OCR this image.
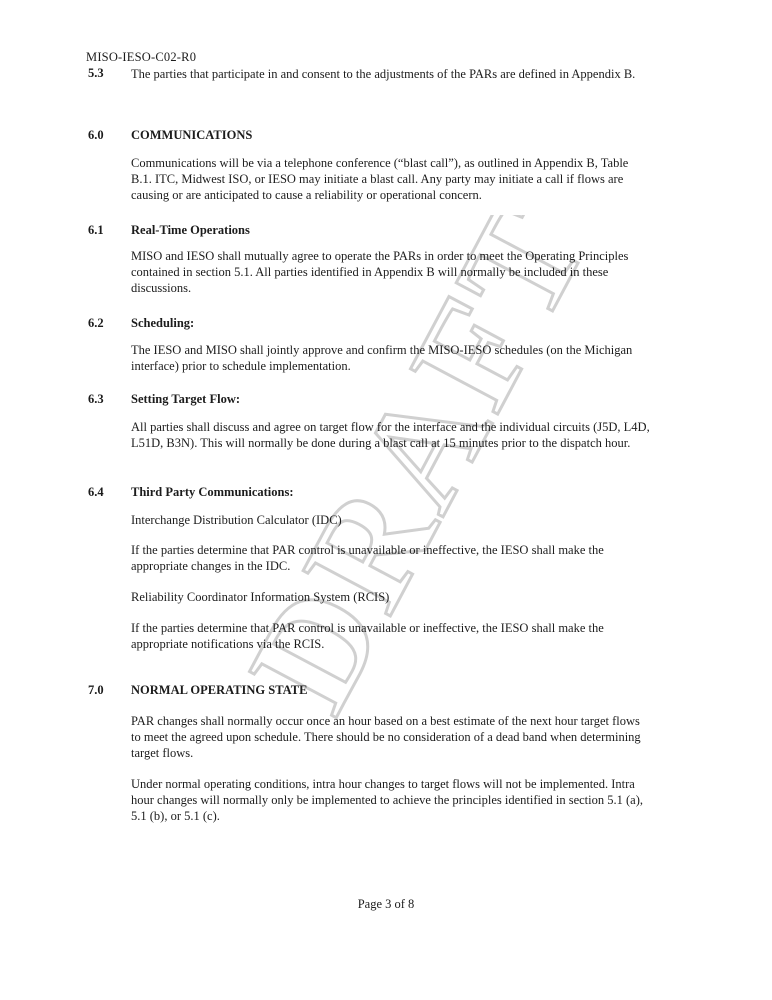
DRAFT
MISO-IESO-C02-R0
5.3 The parties that participate in and consent to the adjustments of the PARs are defined in Appendix B.
6.0 COMMUNICATIONS
Communications will be via a telephone conference (“blast call”), as outlined in Appendix B, Table B.1. ITC, Midwest ISO, or IESO may initiate a blast call. Any party may initiate a call if flows are causing or are anticipated to cause a reliability or operational concern.
6.1 Real-Time Operations
MISO and IESO shall mutually agree to operate the PARs in order to meet the Operating Principles contained in section 5.1. All parties identified in Appendix B will normally be included in these discussions.
6.2 Scheduling:
The IESO and MISO shall jointly approve and confirm the MISO-IESO schedules (on the Michigan interface) prior to schedule implementation.
6.3 Setting Target Flow:
All parties shall discuss and agree on target flow for the interface and the individual circuits (J5D, L4D, L51D, B3N). This will normally be done during a blast call at 15 minutes prior to the dispatch hour.
6.4 Third Party Communications:
Interchange Distribution Calculator (IDC)
If the parties determine that PAR control is unavailable or ineffective, the IESO shall make the appropriate changes in the IDC.
Reliability Coordinator Information System (RCIS)
If the parties determine that PAR control is unavailable or ineffective, the IESO shall make the appropriate notifications via the RCIS.
7.0 NORMAL OPERATING STATE
PAR changes shall normally occur once an hour based on a best estimate of the next hour target flows to meet the agreed upon schedule. There should be no consideration of a dead band when determining target flows.
Under normal operating conditions, intra hour changes to target flows will not be implemented. Intra hour changes will normally only be implemented to achieve the principles identified in section 5.1 (a), 5.1 (b), or 5.1 (c).
Page 3 of 8
